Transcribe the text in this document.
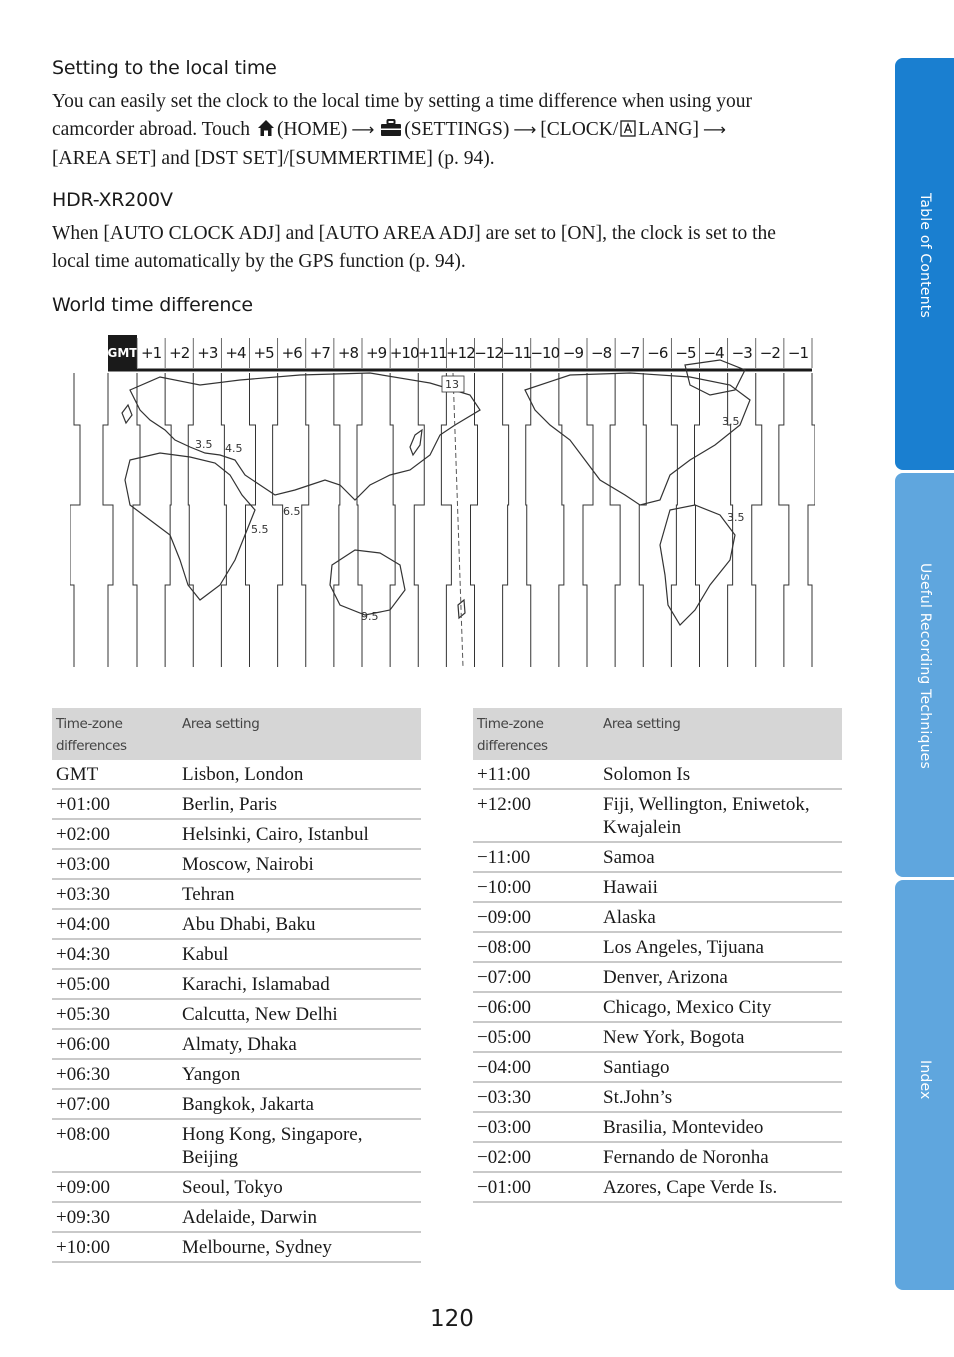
Setting to the local time
You can easily set the clock to the local time by setting a time difference when using your
camcorder abroad. Touch (HOME) ⟶ (SETTINGS) ⟶ [CLOCK/ LANG] ⟶
[AREA SET] and [DST SET]/[SUMMERTIME] (p. 94).
HDR-XR200V
When [AUTO CLOCK ADJ] and [AUTO AREA ADJ] are set to [ON], the clock is set to the
local time automatically by the GPS function (p. 94).
World time difference
GMT +1 +2 +3 +4 +5 +6 +7 +8 +9 +10 +11 +12 −12 −11 −10 −9 −8 −7 −6 −5 −4 −3 −2 −1
13
3.5 4.5
5.5
6.5
9.5
3.5
3.5
Time-zone
differences
Area setting
GMT	Lisbon, London
+01:00	Berlin, Paris
+02:00	Helsinki, Cairo, Istanbul
+03:00	Moscow, Nairobi
+03:30	Tehran
+04:00	Abu Dhabi, Baku
+04:30	Kabul
+05:00	Karachi, Islamabad
+05:30	Calcutta, New Delhi
+06:00	Almaty, Dhaka
+06:30	Yangon
+07:00	Bangkok, Jakarta
+08:00	Hong Kong, Singapore, Beijing
+09:00	Seoul, Tokyo
+09:30	Adelaide, Darwin
+10:00	Melbourne, Sydney
Time-zone
differences
Area setting
+11:00	Solomon Is
+12:00	Fiji, Wellington, Eniwetok, Kwajalein
−11:00	Samoa
−10:00	Hawaii
−09:00	Alaska
−08:00	Los Angeles, Tijuana
−07:00	Denver, Arizona
−06:00	Chicago, Mexico City
−05:00	New York, Bogota
−04:00	Santiago
−03:30	St.John’s
−03:00	Brasilia, Montevideo
−02:00	Fernando de Noronha
−01:00	Azores, Cape Verde Is.
Table of Contents
Useful Recording Techniques
Index
120
